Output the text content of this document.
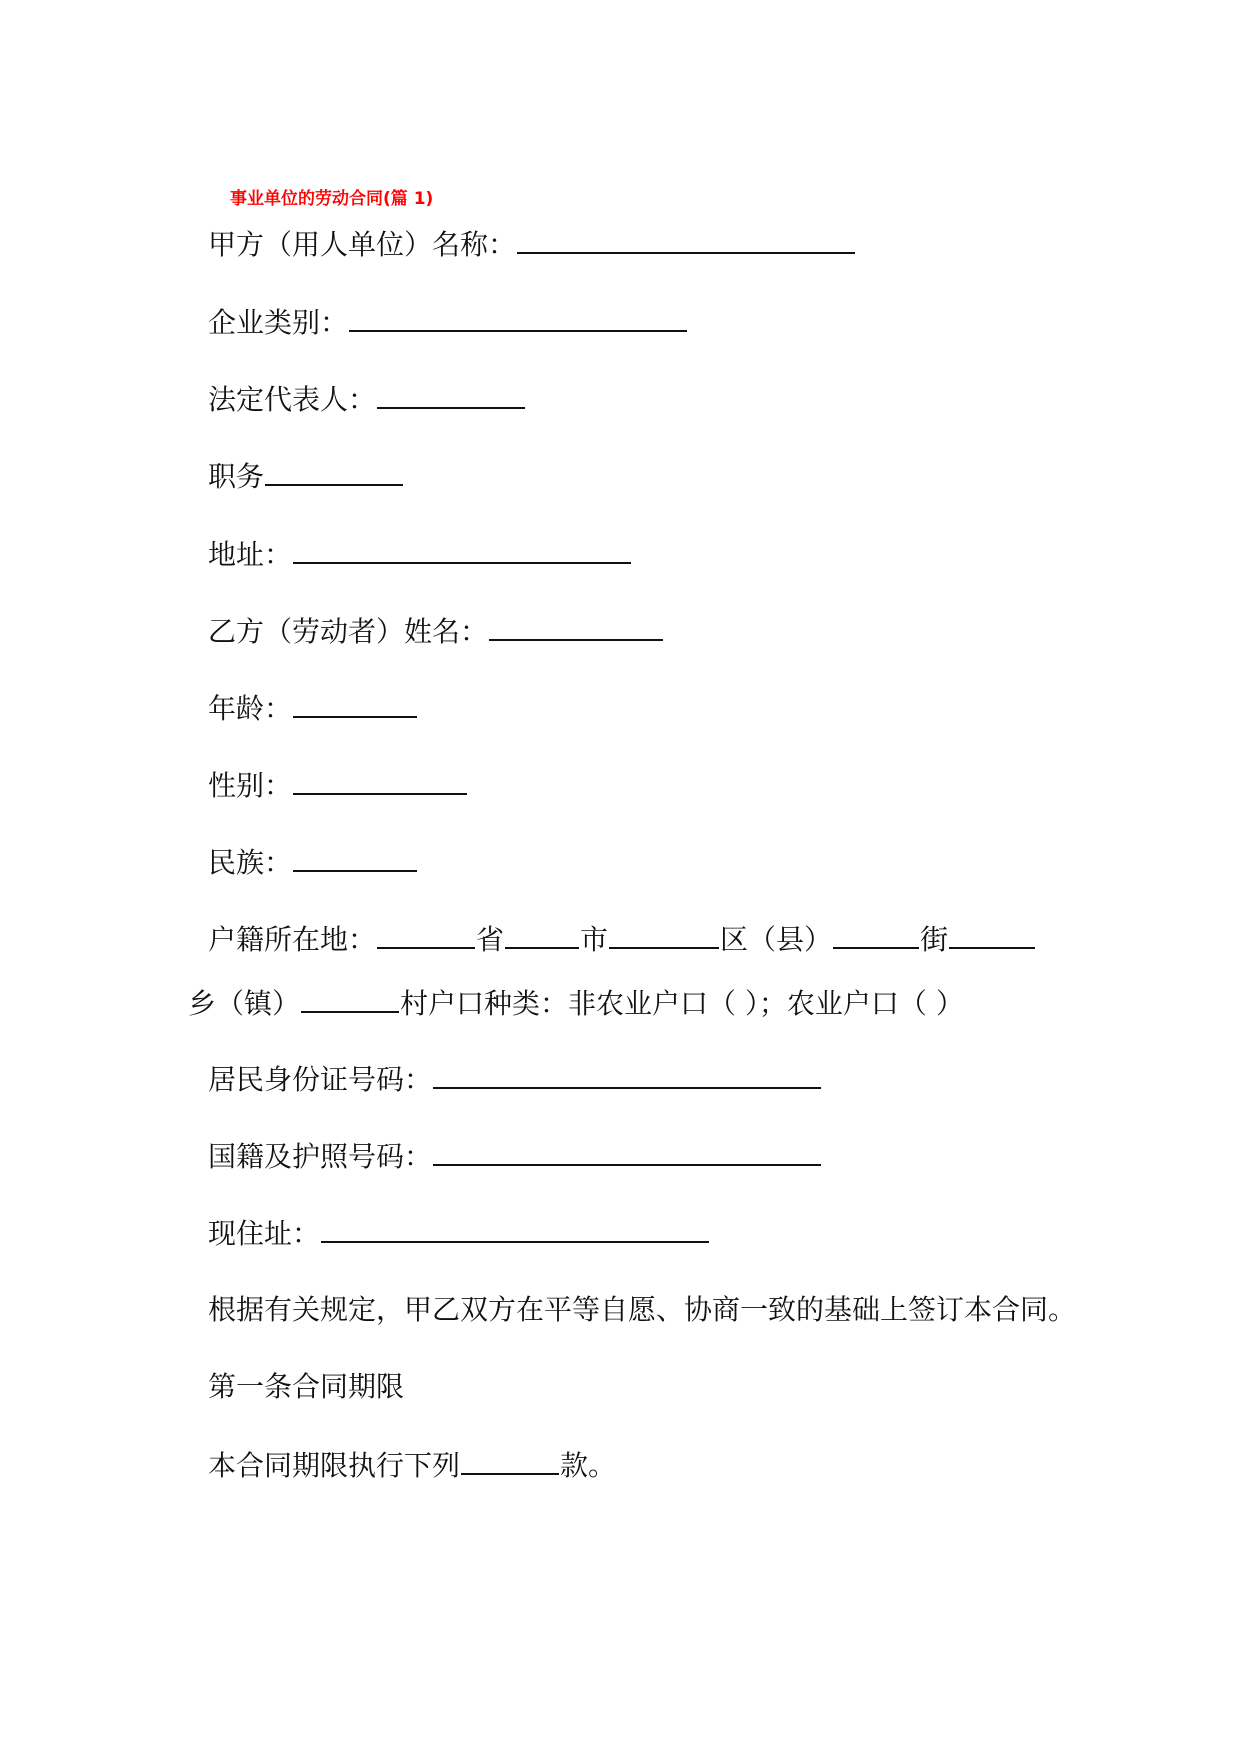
事业单位的劳动合同(篇 1)
甲方（用人单位）名称：
企业类别：
法定代表人：
职务
地址：
乙方（劳动者）姓名：
年龄：
性别：
民族：
户籍所在地：	省	市	区（县）	街
乡（镇）	村户口种类：非农业户口（ ）；农业户口（ ）
居民身份证号码：
国籍及护照号码：
现住址：
根据有关规定，甲乙双方在平等自愿、协商一致的基础上签订本合同。
第一条合同期限
本合同期限执行下列	款。
